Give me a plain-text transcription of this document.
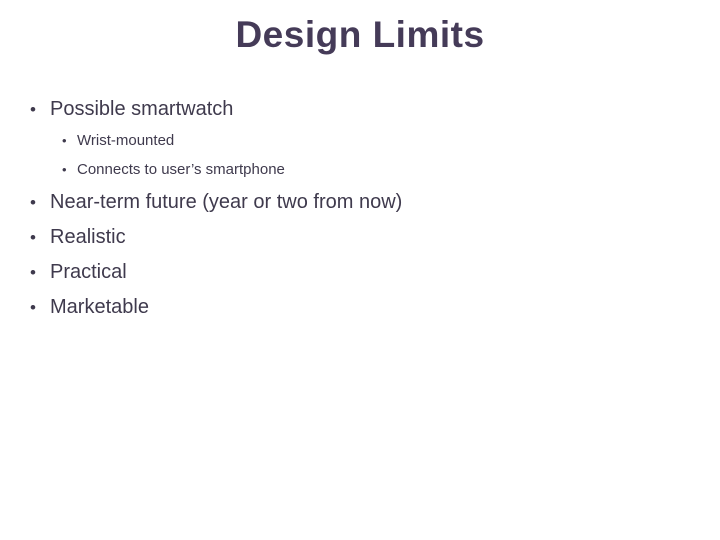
Design Limits
• Possible smartwatch
• Wrist-mounted
• Connects to user’s smartphone
• Near-term future (year or two from now)
• Realistic
• Practical
• Marketable
